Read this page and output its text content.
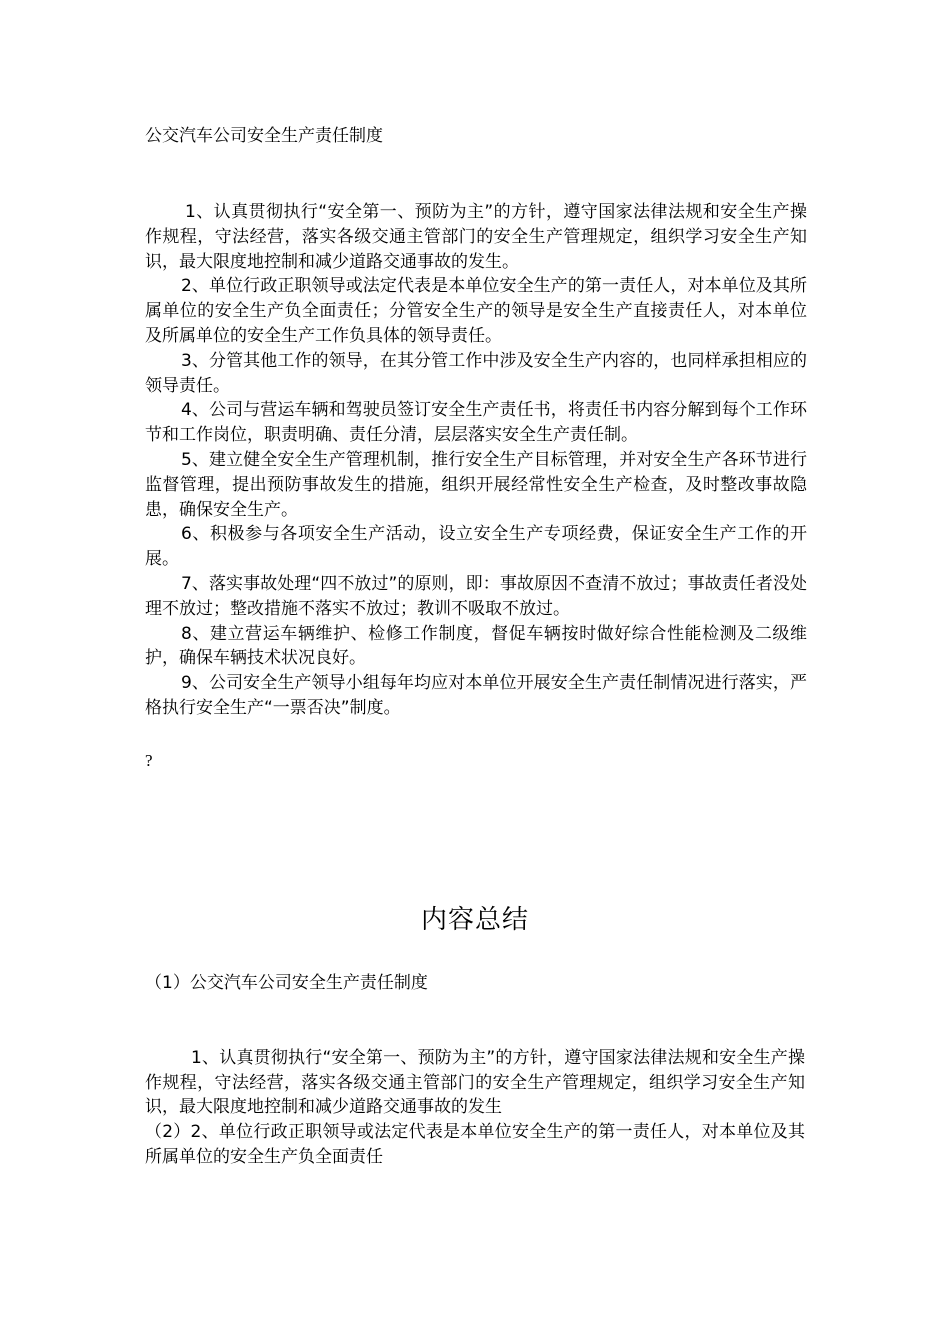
公交汽车公司安全生产责任制度

1、认真贯彻执行“安全第一、预防为主”的方针，遵守国家法律法规和安全生产操作规程，守法经营，落实各级交通主管部门的安全生产管理规定，组织学习安全生产知识，最大限度地控制和减少道路交通事故的发生。

2、单位行政正职领导或法定代表是本单位安全生产的第一责任人，对本单位及其所属单位的安全生产负全面责任；分管安全生产的领导是安全生产直接责任人，对本单位及所属单位的安全生产工作负具体的领导责任。

3、分管其他工作的领导，在其分管工作中涉及安全生产内容的，也同样承担相应的领导责任。

4、公司与营运车辆和驾驶员签订安全生产责任书，将责任书内容分解到每个工作环节和工作岗位，职责明确、责任分清，层层落实安全生产责任制。

5、建立健全安全生产管理机制，推行安全生产目标管理，并对安全生产各环节进行监督管理，提出预防事故发生的措施，组织开展经常性安全生产检查，及时整改事故隐患，确保安全生产。

6、积极参与各项安全生产活动，设立安全生产专项经费，保证安全生产工作的开展。

7、落实事故处理“四不放过”的原则，即：事故原因不查清不放过；事故责任者没处理不放过；整改措施不落实不放过；教训不吸取不放过。

8、建立营运车辆维护、检修工作制度，督促车辆按时做好综合性能检测及二级维护，确保车辆技术状况良好。

9、公司安全生产领导小组每年均应对本单位开展安全生产责任制情况进行落实，严格执行安全生产“一票否决”制度。

?
内容总结
（1）公交汽车公司安全生产责任制度

1、认真贯彻执行“安全第一、预防为主”的方针，遵守国家法律法规和安全生产操作规程，守法经营，落实各级交通主管部门的安全生产管理规定，组织学习安全生产知识，最大限度地控制和减少道路交通事故的发生

（2）2、单位行政正职领导或法定代表是本单位安全生产的第一责任人，对本单位及其所属单位的安全生产负全面责任
